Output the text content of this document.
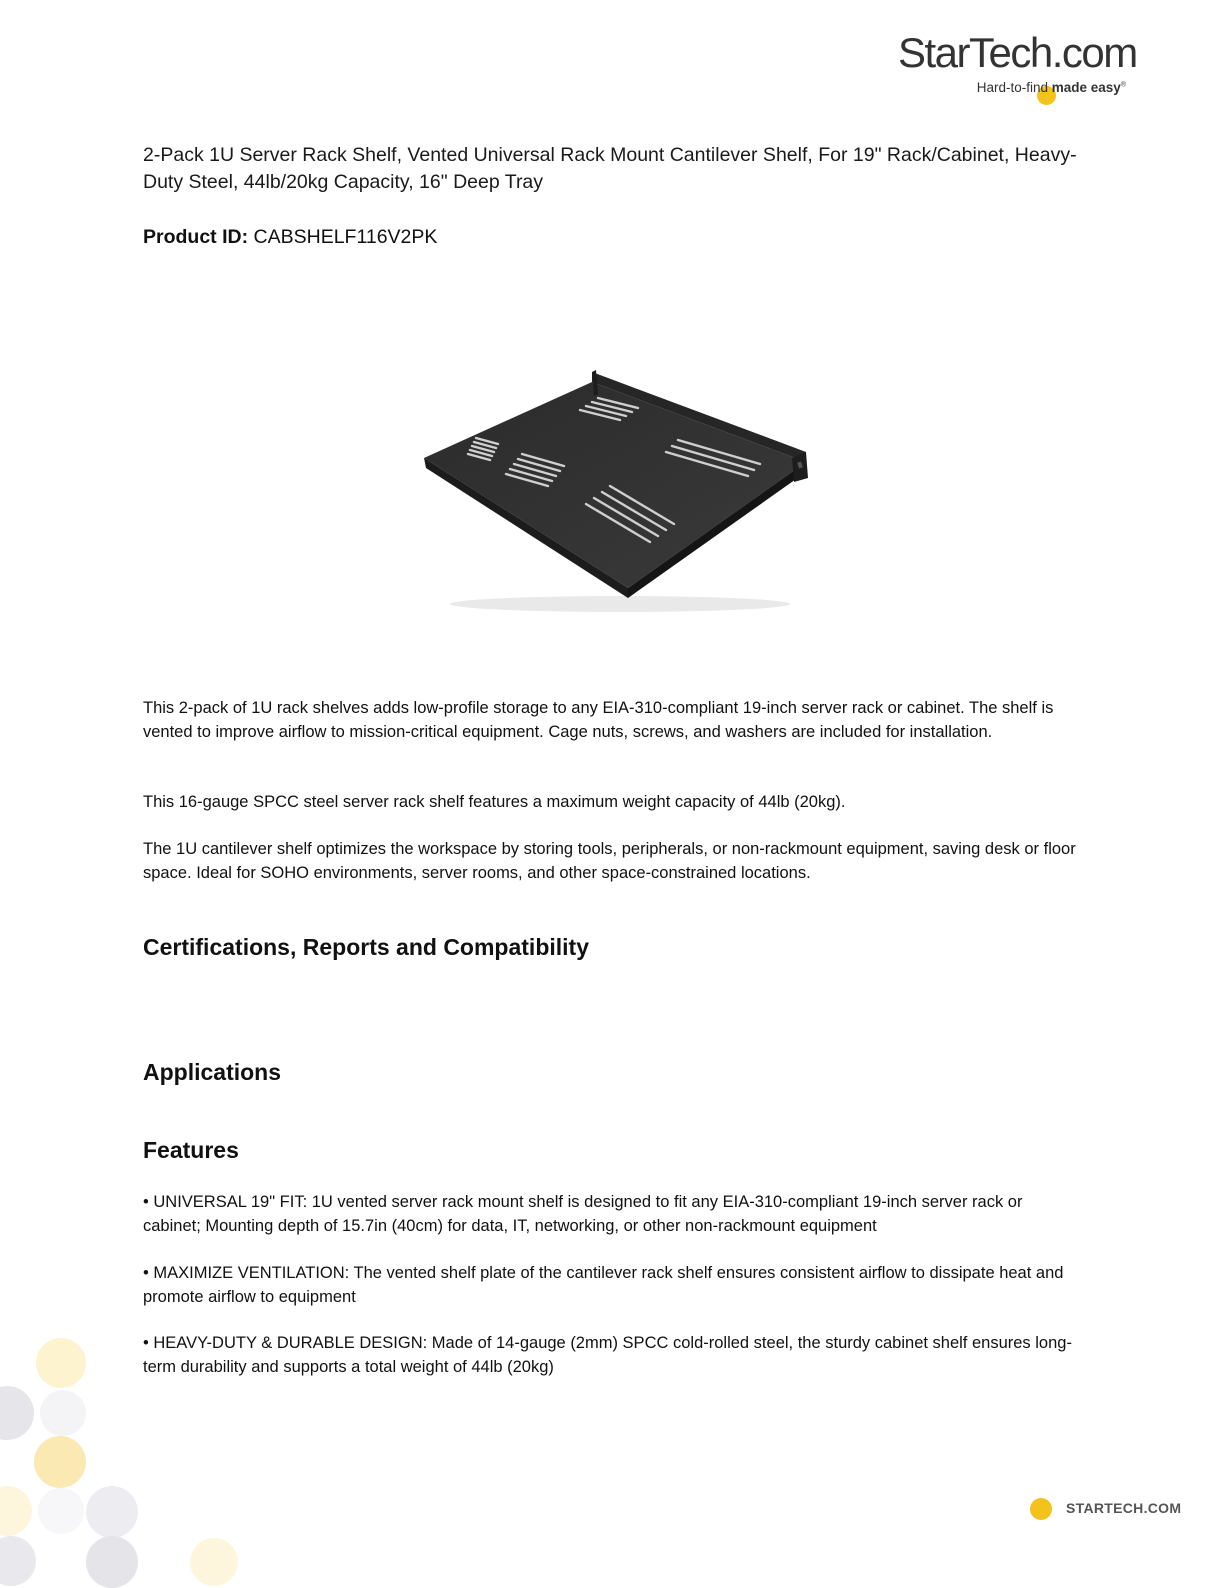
StarTech.com
Hard-to-find made easy®
2-Pack 1U Server Rack Shelf, Vented Universal Rack Mount Cantilever Shelf, For 19" Rack/Cabinet, Heavy-Duty Steel, 44lb/20kg Capacity, 16" Deep Tray
Product ID: CABSHELF116V2PK

This 2-pack of 1U rack shelves adds low-profile storage to any EIA-310-compliant 19-inch server rack or cabinet. The shelf is vented to improve airflow to mission-critical equipment. Cage nuts, screws, and washers are included for installation.

This 16-gauge SPCC steel server rack shelf features a maximum weight capacity of 44lb (20kg).

The 1U cantilever shelf optimizes the workspace by storing tools, peripherals, or non-rackmount equipment, saving desk or floor space. Ideal for SOHO environments, server rooms, and other space-constrained locations.

Certifications, Reports and Compatibility
Applications
Features

• UNIVERSAL 19" FIT: 1U vented server rack mount shelf is designed to fit any EIA-310-compliant 19-inch server rack or cabinet; Mounting depth of 15.7in (40cm) for data, IT, networking, or other non-rackmount equipment

• MAXIMIZE VENTILATION: The vented shelf plate of the cantilever rack shelf ensures consistent airflow to dissipate heat and promote airflow to equipment

• HEAVY-DUTY & DURABLE DESIGN: Made of 14-gauge (2mm) SPCC cold-rolled steel, the sturdy cabinet shelf ensures long-term durability and supports a total weight of 44lb (20kg)

STARTECH.COM
